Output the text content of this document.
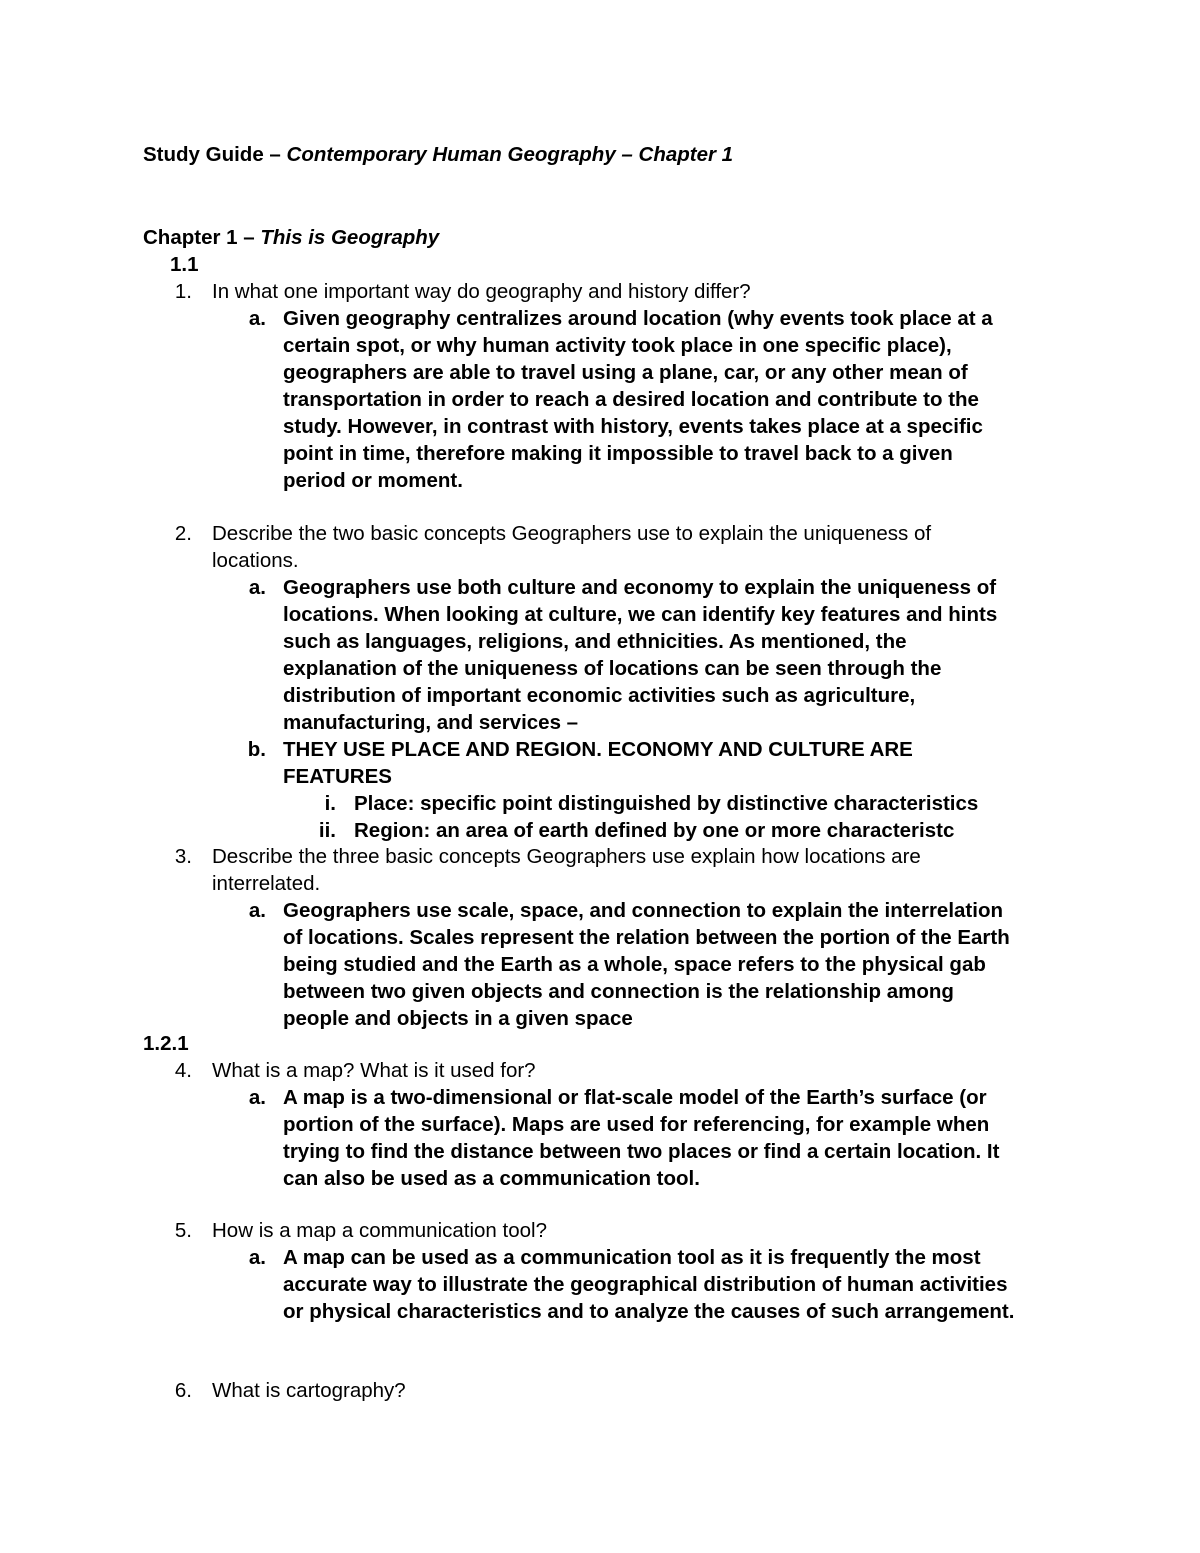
Study Guide – Contemporary Human Geography – Chapter 1
Chapter 1 – This is Geography
1.1
1. In what one important way do geography and history differ?
a. Given geography centralizes around location (why events took place at a
certain spot, or why human activity took place in one specific place),
geographers are able to travel using a plane, car, or any other mean of
transportation in order to reach a desired location and contribute to the
study. However, in contrast with history, events takes place at a specific
point in time, therefore making it impossible to travel back to a given
period or moment.
2. Describe the two basic concepts Geographers use to explain the uniqueness of
locations.
a. Geographers use both culture and economy to explain the uniqueness of
locations. When looking at culture, we can identify key features and hints
such as languages, religions, and ethnicities. As mentioned, the
explanation of the uniqueness of locations can be seen through the
distribution of important economic activities such as agriculture,
manufacturing, and services –
b. THEY USE PLACE AND REGION. ECONOMY AND CULTURE ARE
FEATURES
i. Place: specific point distinguished by distinctive characteristics
ii. Region: an area of earth defined by one or more characteristc
3. Describe the three basic concepts Geographers use explain how locations are
interrelated.
a. Geographers use scale, space, and connection to explain the interrelation
of locations. Scales represent the relation between the portion of the Earth
being studied and the Earth as a whole, space refers to the physical gab
between two given objects and connection is the relationship among
people and objects in a given space
1.2.1
4. What is a map? What is it used for?
a. A map is a two-dimensional or flat-scale model of the Earth’s surface (or
portion of the surface). Maps are used for referencing, for example when
trying to find the distance between two places or find a certain location. It
can also be used as a communication tool.
5. How is a map a communication tool?
a. A map can be used as a communication tool as it is frequently the most
accurate way to illustrate the geographical distribution of human activities
or physical characteristics and to analyze the causes of such arrangement.
6. What is cartography?
